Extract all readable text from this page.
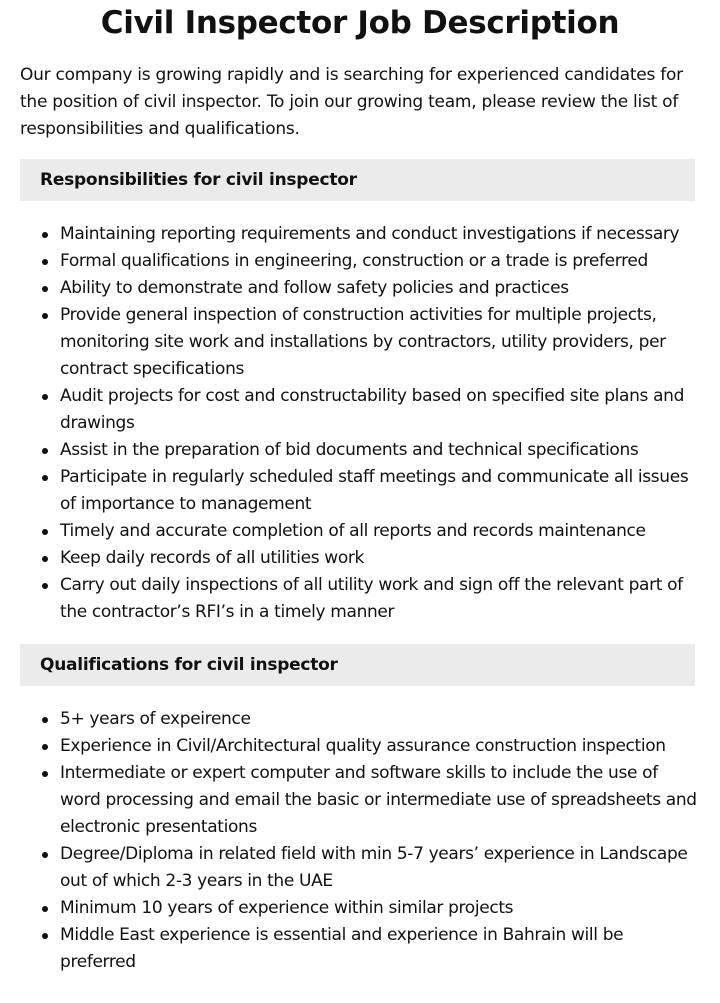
Civil Inspector Job Description

Our company is growing rapidly and is searching for experienced candidates for the position of civil inspector. To join our growing team, please review the list of responsibilities and qualifications.

Responsibilities for civil inspector
Maintaining reporting requirements and conduct investigations if necessary
Formal qualifications in engineering, construction or a trade is preferred
Ability to demonstrate and follow safety policies and practices
Provide general inspection of construction activities for multiple projects, monitoring site work and installations by contractors, utility providers, per contract specifications
Audit projects for cost and constructability based on specified site plans and drawings
Assist in the preparation of bid documents and technical specifications
Participate in regularly scheduled staff meetings and communicate all issues of importance to management
Timely and accurate completion of all reports and records maintenance
Keep daily records of all utilities work
Carry out daily inspections of all utility work and sign off the relevant part of the contractor’s RFI’s in a timely manner
Qualifications for civil inspector
5+ years of expeirence
Experience in Civil/Architectural quality assurance construction inspection
Intermediate or expert computer and software skills to include the use of word processing and email the basic or intermediate use of spreadsheets and electronic presentations
Degree/Diploma in related field with min 5-7 years’ experience in Landscape out of which 2-3 years in the UAE
Minimum 10 years of experience within similar projects
Middle East experience is essential and experience in Bahrain will be preferred
